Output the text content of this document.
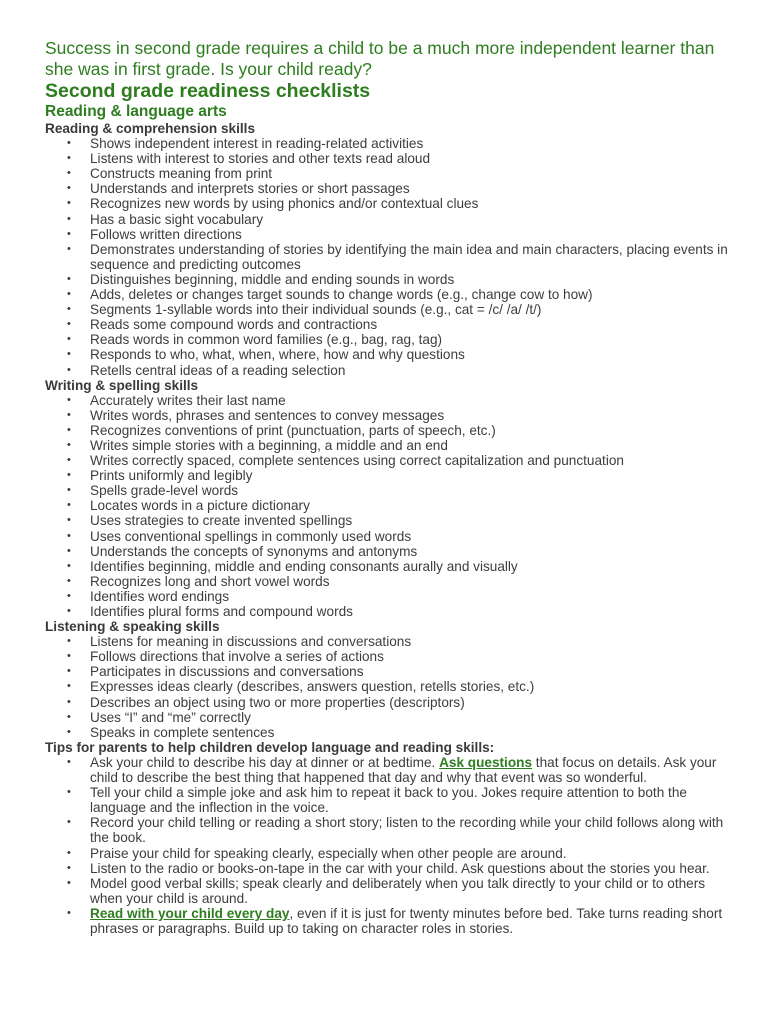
Success in second grade requires a child to be a much more independent learner than she was in first grade. Is your child ready?

Second grade readiness checklists
Reading & language arts
Reading & comprehension skills
• Shows independent interest in reading-related activities
• Listens with interest to stories and other texts read aloud
• Constructs meaning from print
• Understands and interprets stories or short passages
• Recognizes new words by using phonics and/or contextual clues
• Has a basic sight vocabulary
• Follows written directions
• Demonstrates understanding of stories by identifying the main idea and main characters, placing events in sequence and predicting outcomes
• Distinguishes beginning, middle and ending sounds in words
• Adds, deletes or changes target sounds to change words (e.g., change cow to how)
• Segments 1-syllable words into their individual sounds (e.g., cat = /c/ /a/ /t/)
• Reads some compound words and contractions
• Reads words in common word families (e.g., bag, rag, tag)
• Responds to who, what, when, where, how and why questions
• Retells central ideas of a reading selection
Writing & spelling skills
• Accurately writes their last name
• Writes words, phrases and sentences to convey messages
• Recognizes conventions of print (punctuation, parts of speech, etc.)
• Writes simple stories with a beginning, a middle and an end
• Writes correctly spaced, complete sentences using correct capitalization and punctuation
• Prints uniformly and legibly
• Spells grade-level words
• Locates words in a picture dictionary
• Uses strategies to create invented spellings
• Uses conventional spellings in commonly used words
• Understands the concepts of synonyms and antonyms
• Identifies beginning, middle and ending consonants aurally and visually
• Recognizes long and short vowel words
• Identifies word endings
• Identifies plural forms and compound words
Listening & speaking skills
• Listens for meaning in discussions and conversations
• Follows directions that involve a series of actions
• Participates in discussions and conversations
• Expresses ideas clearly (describes, answers question, retells stories, etc.)
• Describes an object using two or more properties (descriptors)
• Uses “I” and “me” correctly
• Speaks in complete sentences
Tips for parents to help children develop language and reading skills:
• Ask your child to describe his day at dinner or at bedtime. Ask questions that focus on details. Ask your child to describe the best thing that happened that day and why that event was so wonderful.
• Tell your child a simple joke and ask him to repeat it back to you. Jokes require attention to both the language and the inflection in the voice.
• Record your child telling or reading a short story; listen to the recording while your child follows along with the book.
• Praise your child for speaking clearly, especially when other people are around.
• Listen to the radio or books-on-tape in the car with your child. Ask questions about the stories you hear.
• Model good verbal skills; speak clearly and deliberately when you talk directly to your child or to others when your child is around.
• Read with your child every day, even if it is just for twenty minutes before bed. Take turns reading short phrases or paragraphs. Build up to taking on character roles in stories.
